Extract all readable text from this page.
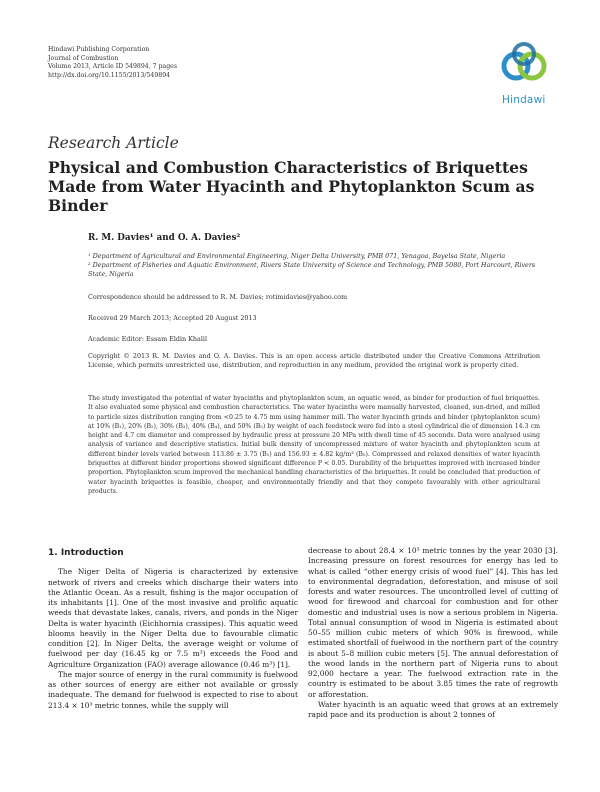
Hindawi Publishing Corporation
Journal of Combustion
Volume 2013, Article ID 549894, 7 pages
http://dx.doi.org/10.1155/2013/549894
Hindawi
Research Article
Physical and Combustion Characteristics of Briquettes Made from Water Hyacinth and Phytoplankton Scum as Binder
R. M. Davies¹ and O. A. Davies²

¹ Department of Agricultural and Environmental Engineering, Niger Delta University, PMB 071, Yenagoa, Bayelsa State, Nigeria

² Department of Fisheries and Aquatic Environment, Rivers State University of Science and Technology, PMB 5080, Port Harcourt, Rivers State, Nigeria

Correspondence should be addressed to R. M. Davies; rotimidavies@yahoo.com
Received 29 March 2013; Accepted 20 August 2013
Academic Editor: Essam Eldin Khalil
Copyright © 2013 R. M. Davies and O. A. Davies. This is an open access article distributed under the Creative Commons Attribution License, which permits unrestricted use, distribution, and reproduction in any medium, provided the original work is properly cited.
The study investigated the potential of water hyacinths and phytoplankton scum, an aquatic weed, as binder for production of fuel briquettes. It also evaluated some physical and combustion characteristics. The water hyacinths were manually harvested, cleaned, sun-dried, and milled to particle sizes distribution ranging from <0.25 to 4.75 mm using hammer mill. The water hyacinth grinds and binder (phytoplankton scum) at 10% (B₁), 20% (B₂), 30% (B₃), 40% (B₄), and 50% (B₅) by weight of each feedstock were fed into a steel cylindrical die of dimension 14.3 cm height and 4.7 cm diameter and compressed by hydraulic press at pressure 20 MPa with dwell time of 45 seconds. Data were analysed using analysis of variance and descriptive statistics. Initial bulk density of uncompressed mixture of water hyacinth and phytoplankton scum at different binder levels varied between 113.86 ± 3.75 (B₁) and 156.93 ± 4.82 kg/m³ (B₅). Compressed and relaxed densities of water hyacinth briquettes at different binder proportions showed significant difference P < 0.05. Durability of the briquettes improved with increased binder proportion. Phytoplankton scum improved the mechanical handling characteristics of the briquettes. It could be concluded that production of water hyacinth briquettes is feasible, cheaper, and environmentally friendly and that they compete favourably with other agricultural products.
1. Introduction

The Niger Delta of Nigeria is characterized by extensive network of rivers and creeks which discharge their waters into the Atlantic Ocean. As a result, fishing is the major occupation of its inhabitants [1]. One of the most invasive and prolific aquatic weeds that devastate lakes, canals, rivers, and ponds in the Niger Delta is water hyacinth (Eichhornia crassipes). This aquatic weed blooms heavily in the Niger Delta due to favourable climatic condition [2]. In Niger Delta, the average weight or volume of fuelwood per day (16.45 kg or 7.5 m³) exceeds the Food and Agriculture Organization (FAO) average allowance (0.46 m³) [1].

The major source of energy in the rural community is fuelwood as other sources of energy are either not available or grossly inadequate. The demand for fuelwood is expected to rise to about 213.4 × 10³ metric tonnes, while the supply will

decrease to about 28.4 × 10³ metric tonnes by the year 2030 [3]. Increasing pressure on forest resources for energy has led to what is called “other energy crisis of wood fuel” [4]. This has led to environmental degradation, deforestation, and misuse of soil forests and water resources. The uncontrolled level of cutting of wood for firewood and charcoal for combustion and for other domestic and industrial uses is now a serious problem in Nigeria. Total annual consumption of wood in Nigeria is estimated about 50–55 million cubic meters of which 90% is firewood, while estimated shortfall of fuelwood in the northern part of the country is about 5–8 million cubic meters [5]. The annual deforestation of the wood lands in the northern part of Nigeria runs to about 92,000 hectare a year. The fuelwood extraction rate in the country is estimated to be about 3.85 times the rate of regrowth or afforestation.

Water hyacinth is an aquatic weed that grows at an extremely rapid pace and its production is about 2 tonnes of
